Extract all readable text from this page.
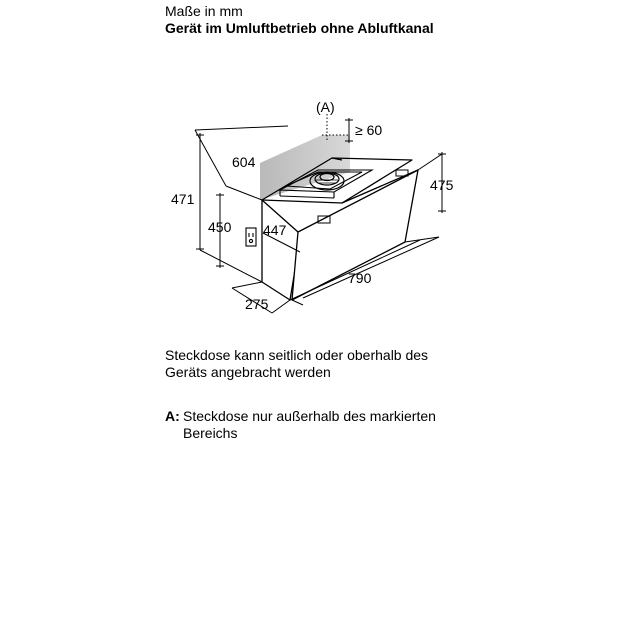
Maße in mm
Gerät im Umluftbetrieb ohne Abluftkanal
(A)
≥ 60
604
471
475
450 447
790
275
Steckdose kann seitlich oder oberhalb des Geräts angebracht werden
A: Steckdose nur außerhalb des markierten Bereichs
